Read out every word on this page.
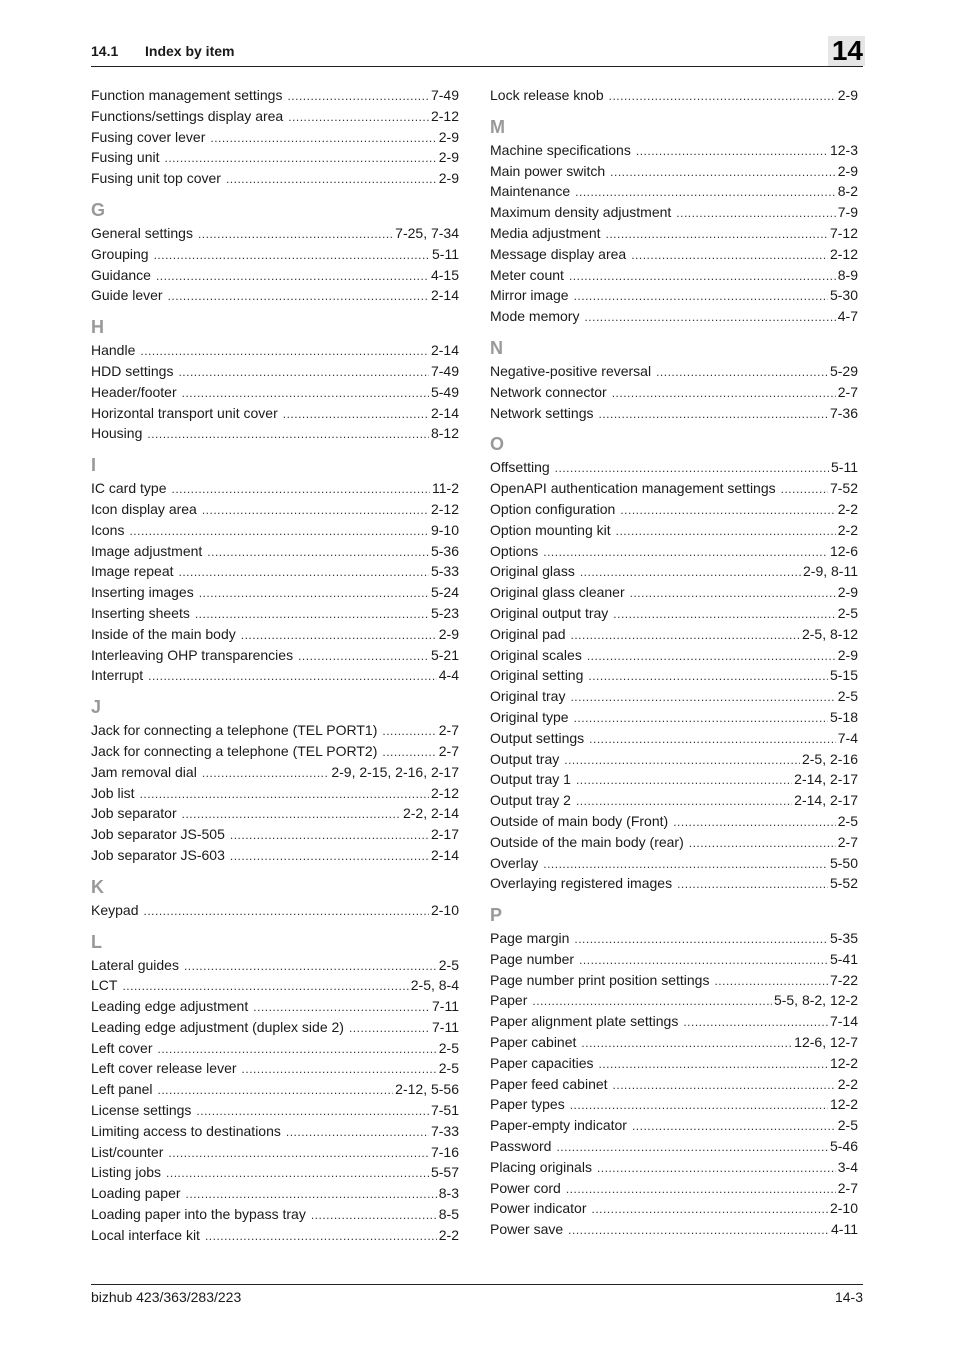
14.1 Index by item	14
Function management settings .....	7-49
Functions/settings display area .....	2-12
Fusing cover lever .....	2-9
Fusing unit .....	2-9
Fusing unit top cover .....	2-9
G
General settings .....	7-25, 7-34
Grouping .....	5-11
Guidance .....	4-15
Guide lever .....	2-14
H
Handle .....	2-14
HDD settings .....	7-49
Header/footer .....	5-49
Horizontal transport unit cover .....	2-14
Housing .....	8-12
I
IC card type .....	11-2
Icon display area .....	2-12
Icons .....	9-10
Image adjustment .....	5-36
Image repeat .....	5-33
Inserting images .....	5-24
Inserting sheets .....	5-23
Inside of the main body .....	2-9
Interleaving OHP transparencies .....	5-21
Interrupt .....	4-4
J
Jack for connecting a telephone (TEL PORT1) .....	2-7
Jack for connecting a telephone (TEL PORT2) .....	2-7
Jam removal dial .....	2-9, 2-15, 2-16, 2-17
Job list .....	2-12
Job separator .....	2-2, 2-14
Job separator JS-505 .....	2-17
Job separator JS-603 .....	2-14
K
Keypad .....	2-10
L
Lateral guides .....	2-5
LCT .....	2-5, 8-4
Leading edge adjustment .....	7-11
Leading edge adjustment (duplex side 2) .....	7-11
Left cover .....	2-5
Left cover release lever .....	2-5
Left panel .....	2-12, 5-56
License settings .....	7-51
Limiting access to destinations .....	7-33
List/counter .....	7-16
Listing jobs .....	5-57
Loading paper .....	8-3
Loading paper into the bypass tray .....	8-5
Local interface kit .....	2-2
Lock release knob .....	2-9
M
Machine specifications .....	12-3
Main power switch .....	2-9
Maintenance .....	8-2
Maximum density adjustment .....	7-9
Media adjustment .....	7-12
Message display area .....	2-12
Meter count .....	8-9
Mirror image .....	5-30
Mode memory .....	4-7
N
Negative-positive reversal .....	5-29
Network connector .....	2-7
Network settings .....	7-36
O
Offsetting .....	5-11
OpenAPI authentication management settings .....	7-52
Option configuration .....	2-2
Option mounting kit .....	2-2
Options .....	12-6
Original glass .....	2-9, 8-11
Original glass cleaner .....	2-9
Original output tray .....	2-5
Original pad .....	2-5, 8-12
Original scales .....	2-9
Original setting .....	5-15
Original tray .....	2-5
Original type .....	5-18
Output settings .....	7-4
Output tray .....	2-5, 2-16
Output tray 1 .....	2-14, 2-17
Output tray 2 .....	2-14, 2-17
Outside of main body (Front) .....	2-5
Outside of the main body (rear) .....	2-7
Overlay .....	5-50
Overlaying registered images .....	5-52
P
Page margin .....	5-35
Page number .....	5-41
Page number print position settings .....	7-22
Paper .....	5-5, 8-2, 12-2
Paper alignment plate settings .....	7-14
Paper cabinet .....	12-6, 12-7
Paper capacities .....	12-2
Paper feed cabinet .....	2-2
Paper types .....	12-2
Paper-empty indicator .....	2-5
Password .....	5-46
Placing originals .....	3-4
Power cord .....	2-7
Power indicator .....	2-10
Power save .....	4-11
bizhub 423/363/283/223	14-3
